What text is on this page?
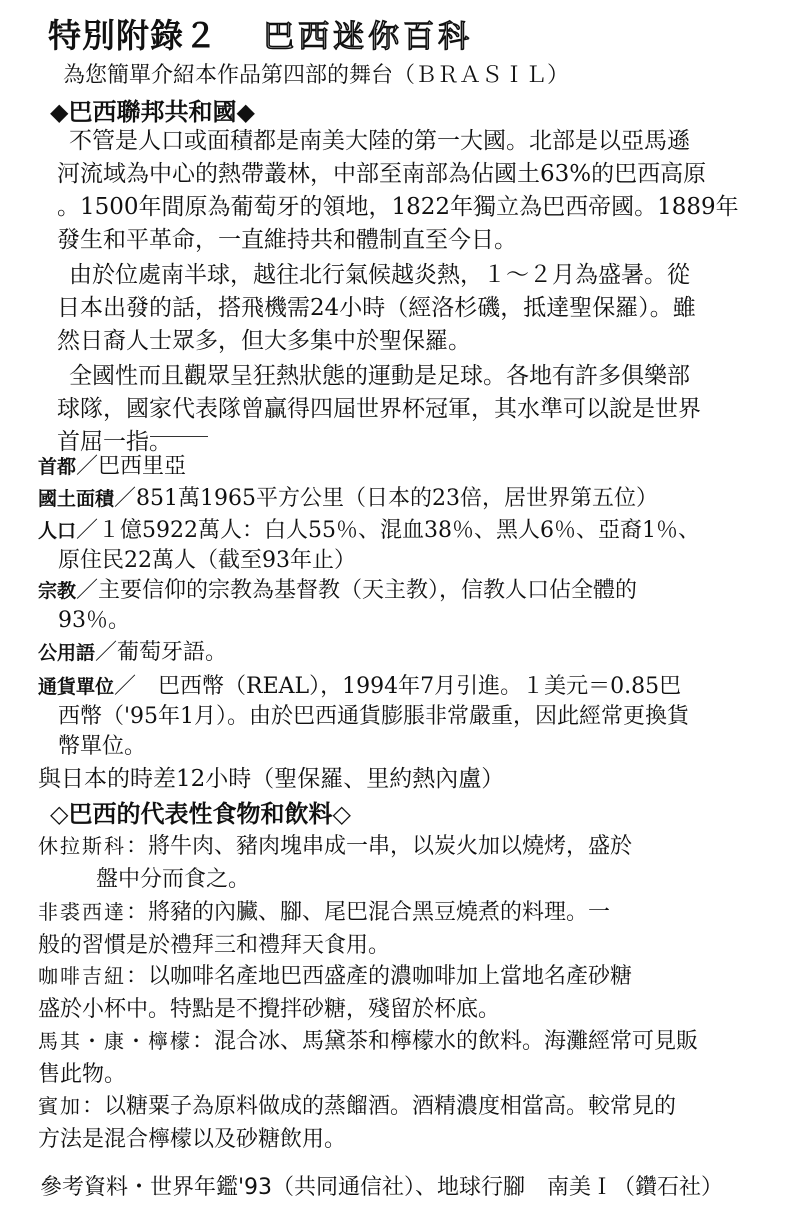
特別附錄２ 巴西迷你百科
為您簡單介紹本作品第四部的舞台（ＢＲＡＳＩＬ）
◆巴西聯邦共和國◆
不管是人口或面積都是南美大陸的第一大國。北部是以亞馬遜
河流域為中心的熱帶叢林，中部至南部為佔國土63%的巴西高原
。1500年間原為葡萄牙的領地，1822年獨立為巴西帝國。1889年
發生和平革命，一直維持共和體制直至今日。
由於位處南半球，越往北行氣候越炎熱，１～２月為盛暑。從
日本出發的話，搭飛機需24小時（經洛杉磯，抵達聖保羅）。雖
然日裔人士眾多，但大多集中於聖保羅。
全國性而且觀眾呈狂熱狀態的運動是足球。各地有許多俱樂部
球隊，國家代表隊曾贏得四屆世界杯冠軍，其水準可以說是世界
首屈一指。
首都／巴西里亞
國土面積／851萬1965平方公里（日本的23倍，居世界第五位）
人口／１億5922萬人：白人55％、混血38％、黑人6％、亞裔1％、
原住民22萬人（截至93年止）
宗教／主要信仰的宗教為基督教（天主教），信教人口佔全體的
93％。
公用語／葡萄牙語。
通貨單位／　巴西幣（REAL），1994年7月引進。１美元＝0.85巴
西幣（'95年1月）。由於巴西通貨膨脹非常嚴重，因此經常更換貨
幣單位。
與日本的時差12小時（聖保羅、里約熱內盧）
◇巴西的代表性食物和飲料◇
休拉斯科：將牛肉、豬肉塊串成一串，以炭火加以燒烤，盛於
盤中分而食之。
非裘西達：將豬的內臟、腳、尾巴混合黑豆燒煮的料理。一
般的習慣是於禮拜三和禮拜天食用。
咖啡吉紐：以咖啡名產地巴西盛產的濃咖啡加上當地名產砂糖
盛於小杯中。特點是不攪拌砂糖，殘留於杯底。
馬其・康・檸檬：混合冰、馬黛茶和檸檬水的飲料。海灘經常可見販
售此物。
賓加：以糖粟子為原料做成的蒸餾酒。酒精濃度相當高。較常見的
方法是混合檸檬以及砂糖飲用。
參考資料・世界年鑑'93（共同通信社）、地球行腳　南美Ｉ（鑽石社）
